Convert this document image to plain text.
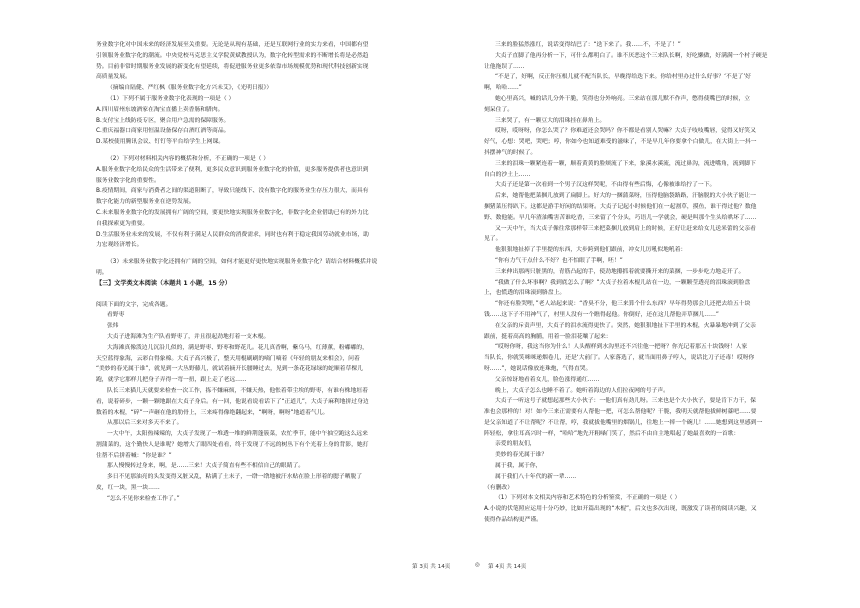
务业数字化对中国未来的经济发展至关重要。无论是从现有基础，还是互联网行业的实力来看，中国都有望

引领服务业数字化的潮流。中央党校马克思主义学院黄斌教授认为，数字化转型需求的不断增长将是必然趋

势。目前非常时期服务业发展的新变化有望延续，将促进服务业更多依靠市场规模优势和现代科技创新实现

高质量发展。

（摘编自陆健、严红枫《服务业数字化方兴未艾》，《光明日报》）

（1）下列不属于服务业数字化表现的一项是（ ）

A.四川眉州东坡酒家在淘宝直播上卖香肠和腊肉。

B.支付宝上线防疫专区，聚合用户急需的保障服务。

C.重庆福器口商家用恒温设备保存白酒红酒等商品。

D.某校使用腾讯会议、钉钉等平台给学生上网课。

（2）下列对材料相关内容的概括和分析，不正确的一项是（ ）

A.服务业数字化给民众的生活带来了便利，更多民众意识到服务业数字化的价值，更多服务提供者也意识到

服务业数字化的重要性。

B.疫情期间，商家与消费者之间的渠道阻断了，导致只能线下、没有数字化的服务业生存压力很大，而具有

数字化能力的新型服务业在逆势发展。

C.未来服务业数字化的发展拥有广阔的空间，要更快地实现服务业数字化，非数字化企业借助已有的外力比

自我探索更为重要。

D.生活服务业未来的发展，不仅有利于满足人民群众的消费需求，同时也有利于稳定我国劳动就业市场，助

力宏观经济增长。

（3）未来服务业数字化还拥有广阔的空间，如何才能更好更快地实现服务业数字化？请结合材料概括并说

明。

【三】文学类文本阅读（本题共 1 小题，15 分）

阅读下面的文字，完成各题。

看野枣

张炜

大贞子进海滩为生产队看野枣了，并且很起劲地打着一支木棍。

大海滩真像泼边儿沉沿儿似的，满是野枣、野枣和野花儿。花儿真香啊，紫乌马，红薄薰，粉嘟嘟的，

天空蓝得象海，云彩白得象棉。大贞子高兴极了，整天用棍刷刷的嘀门嘀着《年轻的朋友来相会》，问着

“美妙的春光属于谁”，就见到一大丛野藤儿，就试着摘开长腰睡过去，见到一条花花绿绿的蛇顺着草棵儿

跑，就学它那样儿把身子弄得一弯一扭，跟上走了老远……

队长三来猫儿天就要来检查一次工作，拣不嫌麻烦，不嫌天热，他怅着带尘埃的野枣，有谁有株地垣着

看，说着碎步，一颗一颗地跟在大贞子身后。有一回，他说看说看话下了“正道儿”，大贞子麻利地拼过身边

数着的木棍，“碎”一声砸在他的肋骨上，三来疼得像绝翻起来，“啊呀，啊呀”地道着气儿。

从那以后三来对多天不来了。

一大中午，太阳热辣辣的，大贞子发现了一堆透一堆的鲜荆蓬簇菜，农忙季节，能中午抽空跑这么远来

割蒲菜的，这个勤快人是谁呢？她增大了眼四处看看，终于发现了不远的树丛下有个光着上身的背影，她打

住帮不后拼着喊：“你是谁？”

那人慢慢转过身来，啊，是……三来！大贞子简直有些不相信自己的眼睛了。

多日不见那油亮的头发变得又脏又乱，粘满了土末子，一绺一绺地被汗水贴在脸上形着的腮子晒脱了

皮，红一块，黑一块……

“怎么不见你来检查工作了。”

三来的脸猛然涨红，说话变得结巴了：“迭下来了。我……不，不是了！”

大贞子直脚了他再分析一下，可什么都明白了。谁不厌恶这个三来队长啊，好吃懒做，好满满一个村子硬是

让他拖误了……

“不是了，好啊，反正你压根儿就不配当队长，早晚得给迭下来。你给村里办过什么好事？‘不是了’好

啊，哈哈……”

她心里高兴，喊的话儿分外干脆，笑得也分外响亮。三来站在那儿默不作声，憋得使嘴巴的时候，立

刻呆住了。

三来哭了，有一颗豆大的泪珠挂在鼻角上。

哎呀，哎呀呀，你怎么哭了？你难道还会哭吗？你不都是看别人哭嘛？大贞子吱吱嘴唇，觉得又好笑又

好气，心想：哭吧，哭吧；哼，你如今也知道难受的滋味了，不是早几年你要拿个白做儿，在大街上一抖一

抖摆神气的时候了。

三来的泪珠一颗紧连着一颗，顺着黄黄的脸颊流了下来，象溪水溪流，流过鼻沟，流进嘴角，流到脚下

自白的沙土上……

大贞子还是第一次看到一个男子汉这样哭呢，不由得有些后悔，心像被谁给拧了一下。

后来，她帮他把菜捆儿放到了扁脚上。好大的一捆蒲菜呀，压得他脑袋路路，汗脑脱的大小伙子能让一

捆猪菜压得趴下。这都是游手好闲的结果呀。大贞子记起小时候他们在一起割草，摸鱼，谁干得过他？数他

野、数他能。早几年渣油嘴害苦谁吃香，三来留了个分头，巧语儿一学就会，硬是叫那个生头给哄坏了……

又一天中午，当大贞子像往常那样带三来把菜捆儿放到肩上的时候，正好让赶来给女儿送米蕾的父亲看

见了。

他狠狠地扯掉了手里提的东西，大步跨到他们跟前，冲女儿厉吼似地吼着：

“你有力气干点什么不好？也不怕眼了手啊，呸！”

三来伸出那两只脏黑的，青筋凸起的手，使劲地攥抓着就要撕开来的菜捆，一步步吃力地走开了。

“我做了什么坏事啊？我到底怎么了啊？”大贞子拉着木棍儿站在一边，一颗颗莹透亮的泪珠滚到脸盘

上，也慌透的泪珠滚到胳盘上。

“你还有脸哭哩，”老人站起来说：“香臭不分，他三来算个什么东西？早年得势那会儿还把去给五十块

钱……这下子不用神气了，村里人没有一个瞧得起他。你倒好，还在这儿帮他弄草捆儿……”

在父亲的斥责声里，大贞子的泪水流得更快了。突然，她狠狠地扯下手里的木棍，火暴暴地冲到了父亲

跟前，挺着高高的胸脯，用着一脸泪花嚷了起来：

“哎呀你呀，我这当你为什么！人头醒样到水沟里还不兴往他一把呀？你光记着那五十块钱呀！人家

当队长，你就笑咪咪递烟卷儿，还是‘大前门’。人家落选了，就当面用鼻子哼人，说话比刀子还毒！哎呀你

呀……”，她说话像放连珠炮，气得直哭。

父亲惊讶地看着女儿，脸色涨得通红……

晚上，大贞子怎么也睡不着了。她听着海边的人们拉夜网的号子声。

大贞子一听这号子就想起那些大小伙子：一他们真有劲儿呀。三来也是个大小伙子，要是肯下力干，保

准也会那样的！对！如今三来正需要有人帮他一把，可怎么帮他呢？干脆，我明天就帮他拔鲜树薹吧……要

是父亲知道了不让帮呢？不让帮，哼，我就拔他嘴里的烟锅儿，往地上一摔一个碗儿！……她想到这里感到一

阵轻松，拿往耳高兴时一样，“哈哈”地先开粗嗓门笑了，然后不由自主地唱起了她最喜欢的一首歌：

亲爱的朋友们，

美妙的春光属于谁？

属于我，属于你，

属于我们八十年代的新一辈……

（有删改）

（1）下列对本文相关内容和艺术特色的分析鉴赏，不正确的一项是（ ）

A.小说的伏笔照应运用十分巧妙，比如开篇出现的“木棍”，后文也多次出现，既激发了读者的阅读兴趣，又

使得作品结构更严谨。

第 3页 共 14页	◎ 第 4页 共 14页
